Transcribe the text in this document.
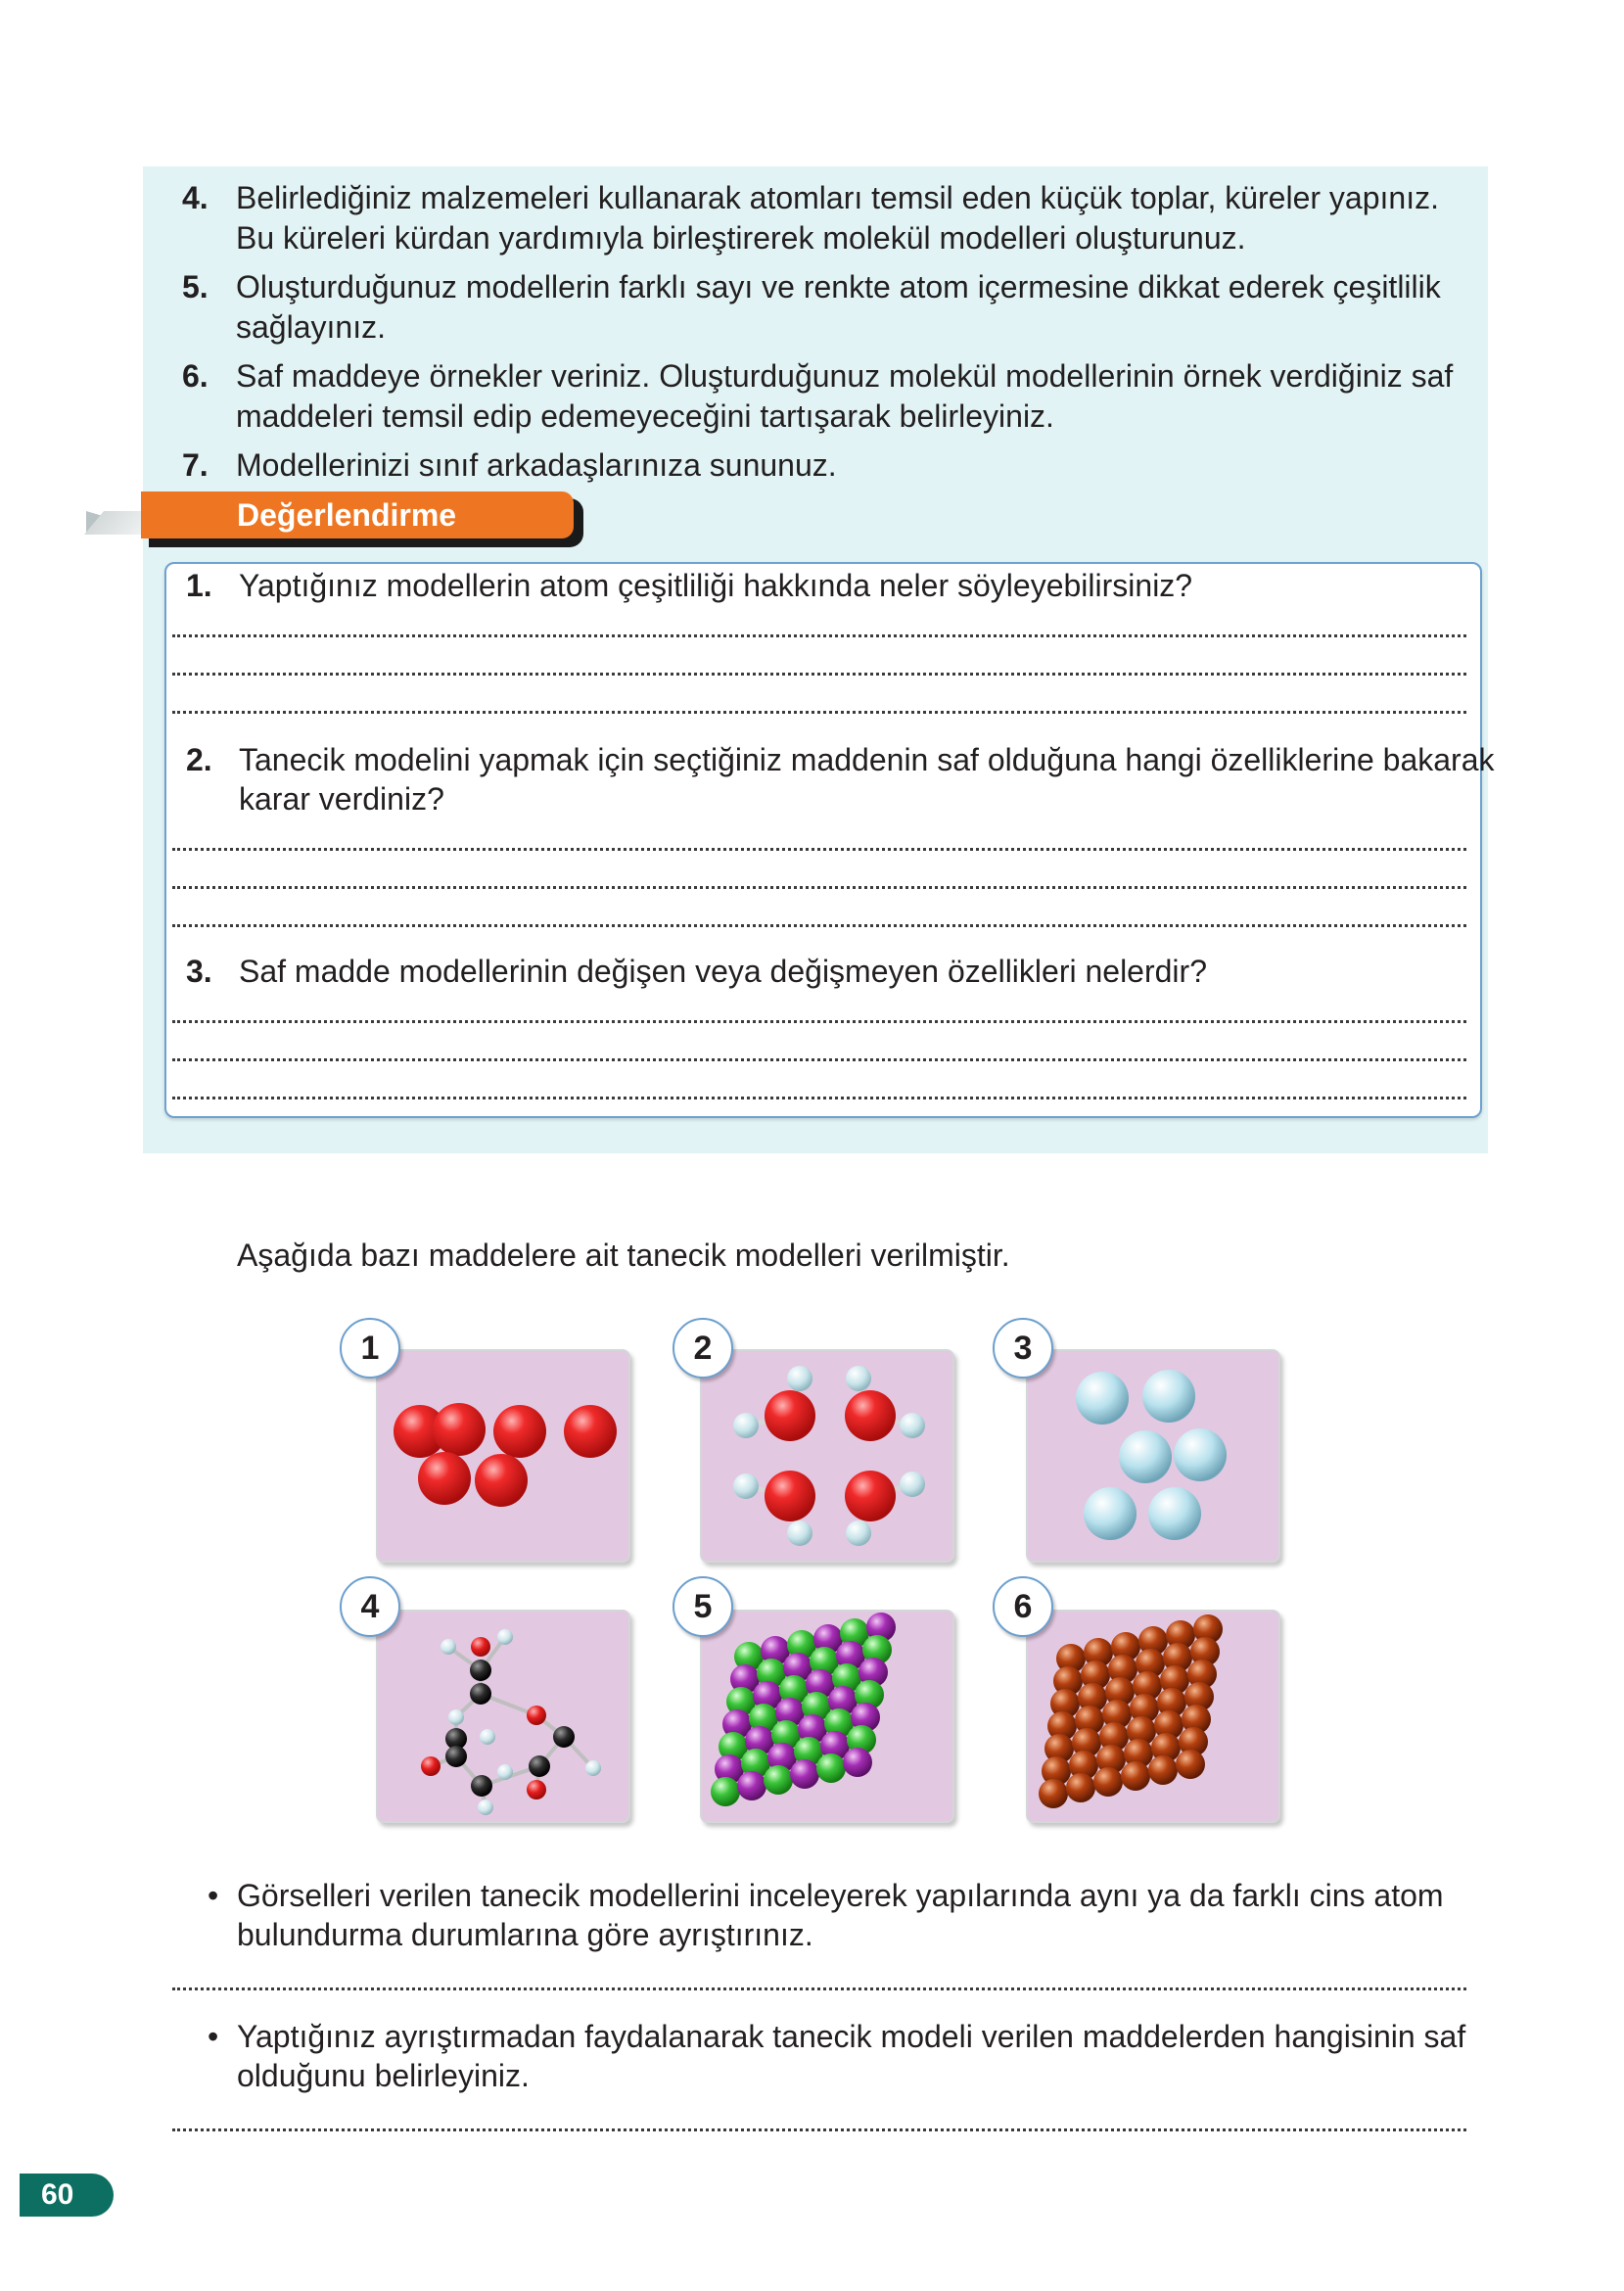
4. Belirlediğiniz malzemeleri kullanarak atomları temsil eden küçük toplar, küreler yapınız. Bu küreleri kürdan yardımıyla birleştirerek molekül modelleri oluşturunuz.
5. Oluşturduğunuz modellerin farklı sayı ve renkte atom içermesine dikkat ederek çeşitlilik sağlayınız.
6. Saf maddeye örnekler veriniz. Oluşturduğunuz molekül modellerinin örnek verdiğiniz saf maddeleri temsil edip edemeyeceğini tartışarak belirleyiniz.
7. Modellerinizi sınıf arkadaşlarınıza sununuz.
Değerlendirme
1. Yaptığınız modellerin atom çeşitliliği hakkında neler söyleyebilirsiniz?
2. Tanecik modelini yapmak için seçtiğiniz maddenin saf olduğuna hangi özelliklerine bakarak karar verdiniz?
3. Saf madde modellerinin değişen veya değişmeyen özellikleri nelerdir?
Aşağıda bazı maddelere ait tanecik modelleri verilmiştir.
1	2	3
4	5	6
• Görselleri verilen tanecik modellerini inceleyerek yapılarında aynı ya da farklı cins atom bulundurma durumlarına göre ayrıştırınız.
• Yaptığınız ayrıştırmadan faydalanarak tanecik modeli verilen maddelerden hangisinin saf olduğunu belirleyiniz.
60
